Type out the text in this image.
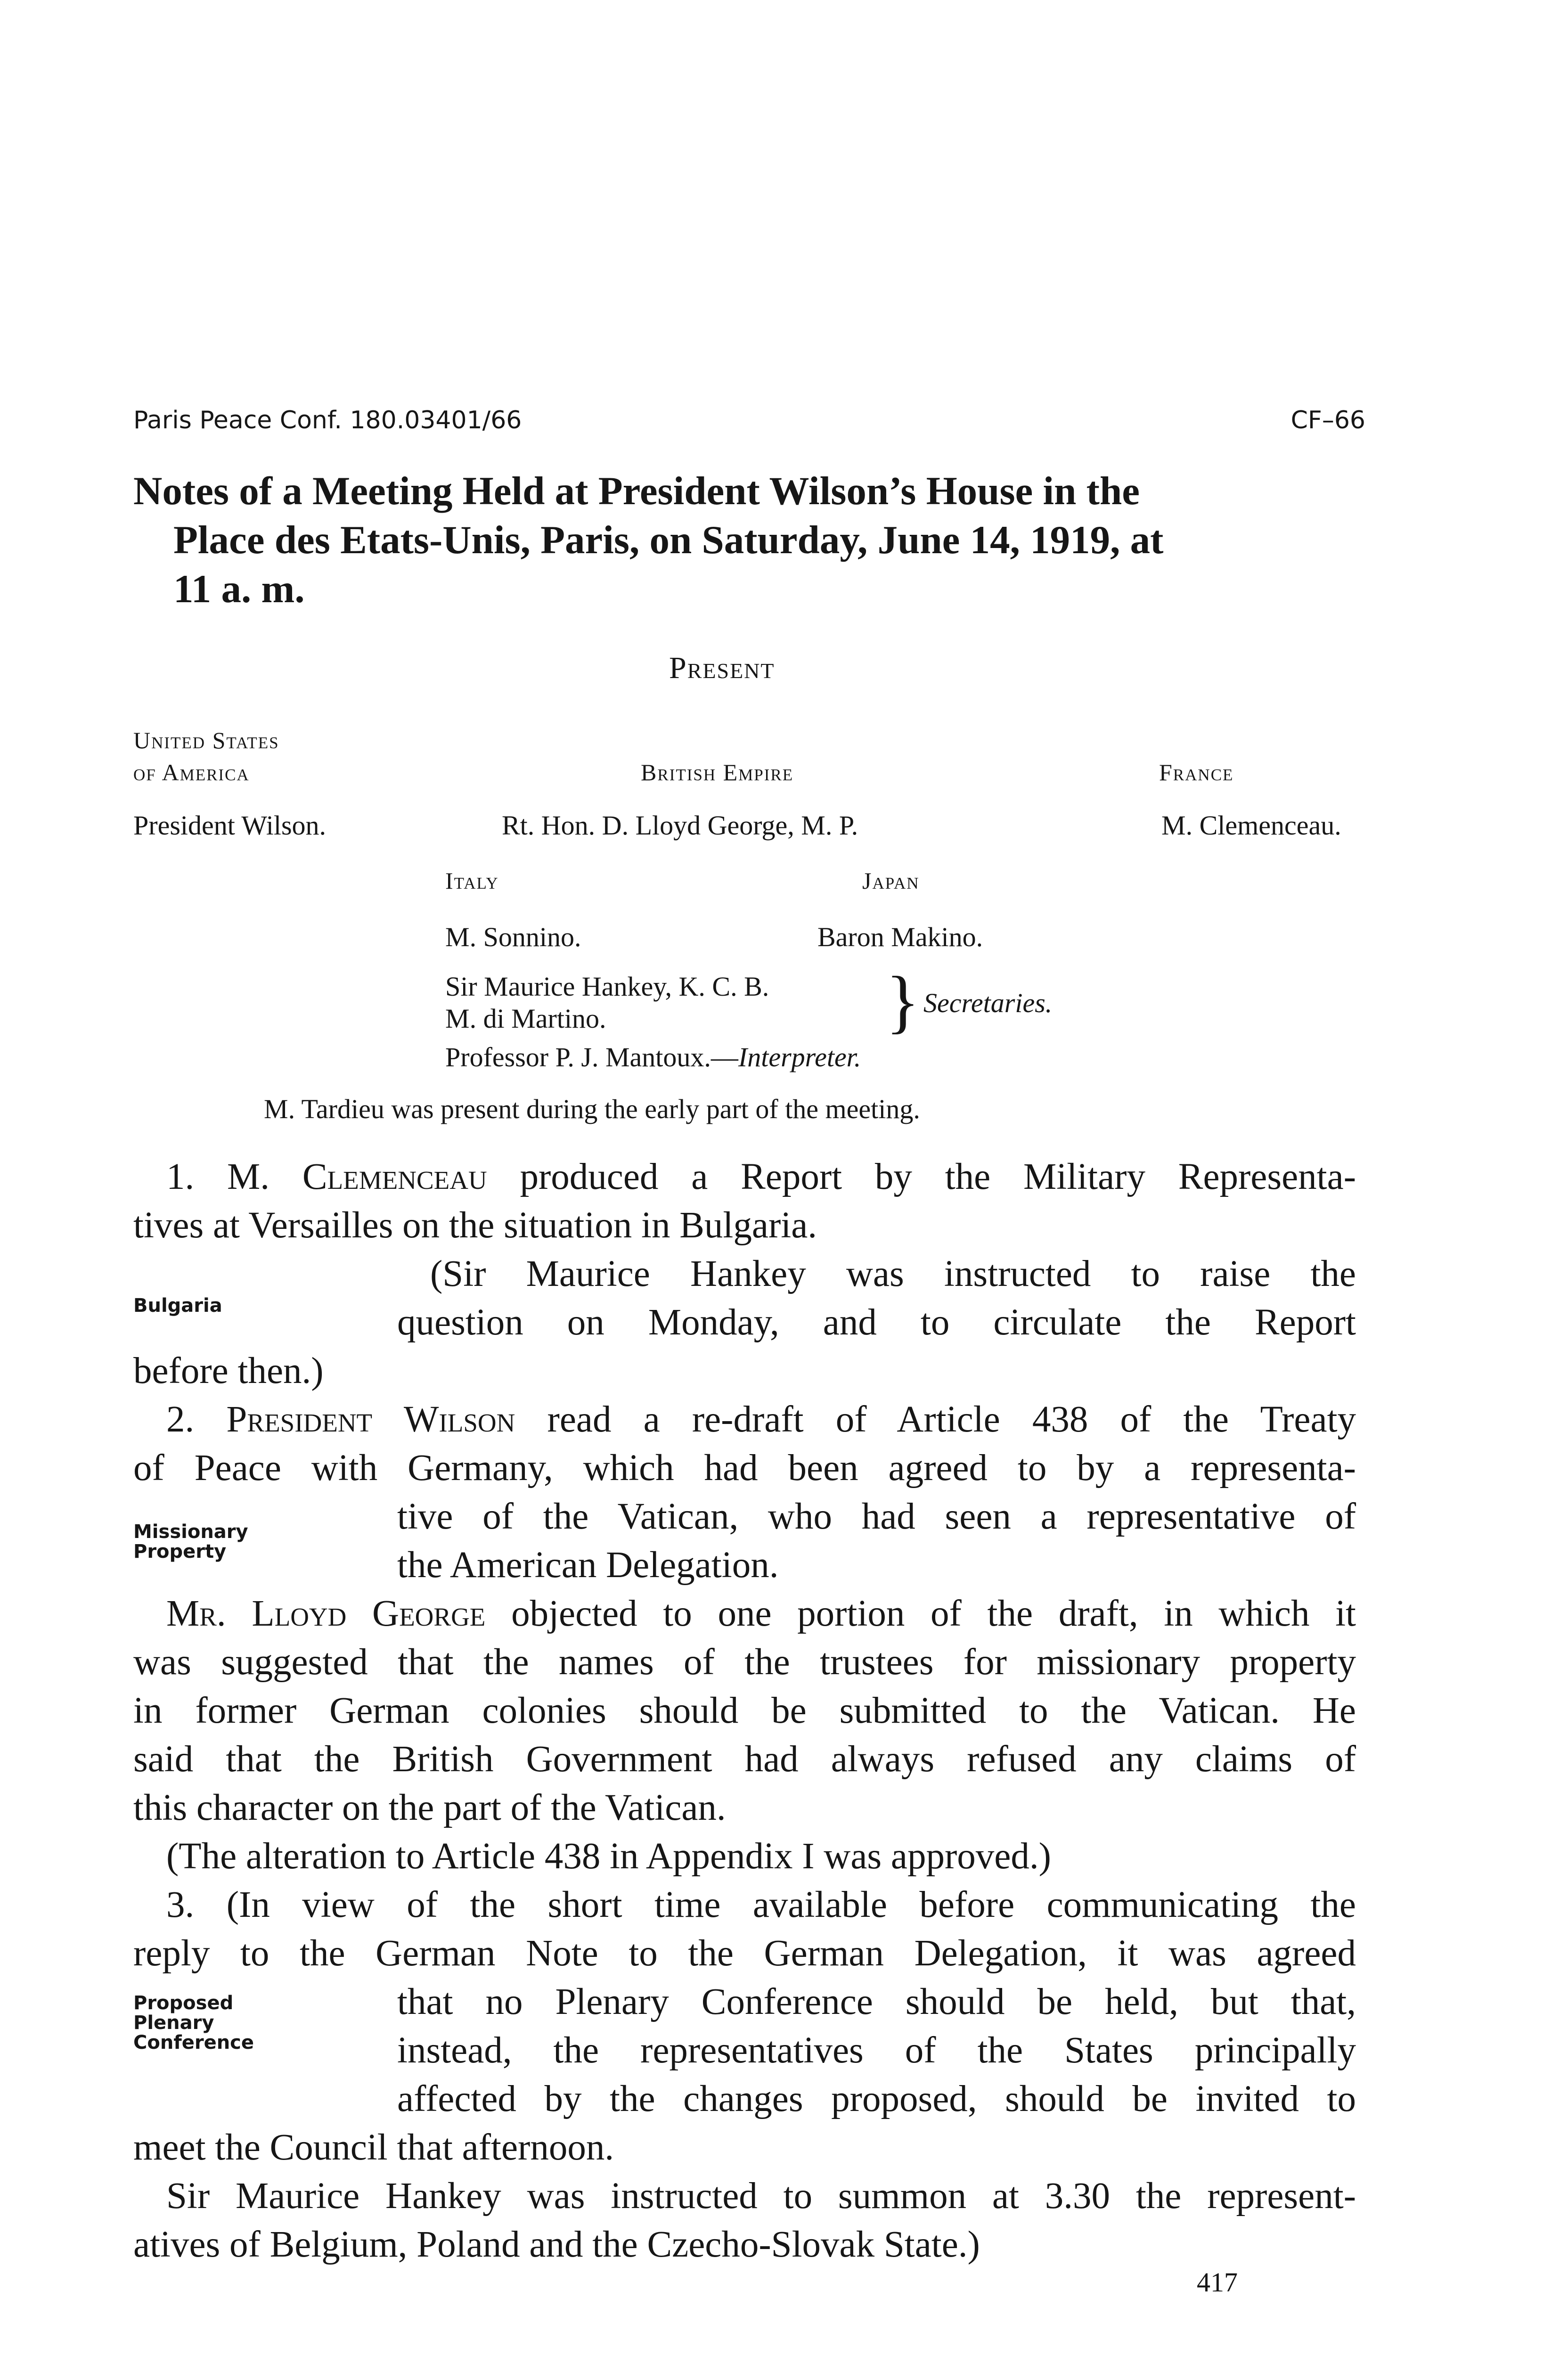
Paris Peace Conf. 180.03401/66	CF–66
Notes of a Meeting Held at President Wilson’s House in the
Place des Etats-Unis, Paris, on Saturday, June 14, 1919, at
11 a. m.
Present
United States
of America	British Empire	France
President Wilson.	Rt. Hon. D. Lloyd George, M. P.	M. Clemenceau.
Italy	Japan
M. Sonnino.	Baron Makino.
Sir Maurice Hankey, K. C. B.
M. di Martino.	} Secretaries.
Professor P. J. Mantoux.—Interpreter.
M. Tardieu was present during the early part of the meeting.
Bulgaria
Missionary
Property
Proposed
Plenary
Conference
1. M. Clemenceau produced a Report by the Military Representa-
tives at Versailles on the situation in Bulgaria.
(Sir Maurice Hankey was instructed to raise the
question on Monday, and to circulate the Report
before then.)
2. President Wilson read a re-draft of Article 438 of the Treaty
of Peace with Germany, which had been agreed to by a representa-
tive of the Vatican, who had seen a representative of
the American Delegation.
Mr. Lloyd George objected to one portion of the draft, in which it
was suggested that the names of the trustees for missionary property
in former German colonies should be submitted to the Vatican. He
said that the British Government had always refused any claims of
this character on the part of the Vatican.
(The alteration to Article 438 in Appendix I was approved.)
3. (In view of the short time available before communicating the
reply to the German Note to the German Delegation, it was agreed
that no Plenary Conference should be held, but that,
instead, the representatives of the States principally
affected by the changes proposed, should be invited to
meet the Council that afternoon.
Sir Maurice Hankey was instructed to summon at 3.30 the represent-
atives of Belgium, Poland and the Czecho-Slovak State.)
417
